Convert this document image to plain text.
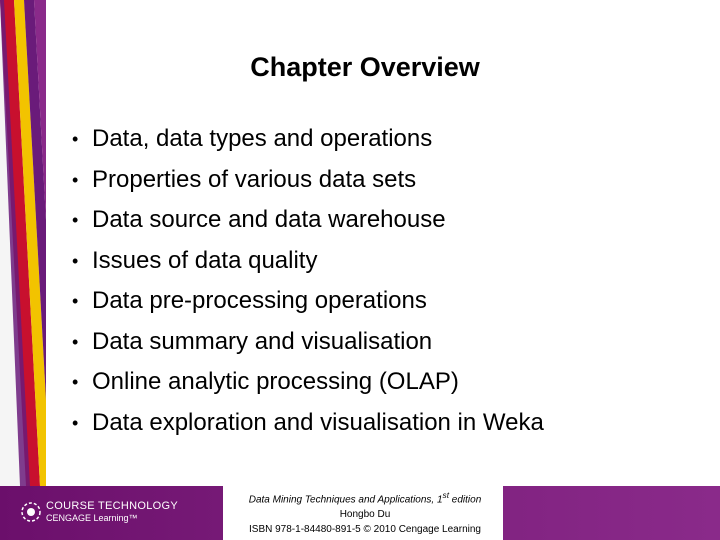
Chapter Overview
• Data, data types and operations
• Properties of various data sets
• Data source and data warehouse
• Issues of data quality
• Data pre-processing operations
• Data summary and visualisation
• Online analytic processing (OLAP)
• Data exploration and visualisation in Weka
COURSE TECHNOLOGY
CENGAGE Learning™
Data Mining Techniques and Applications, 1st edition
Hongbo Du
ISBN 978-1-84480-891-5 © 2010 Cengage Learning
